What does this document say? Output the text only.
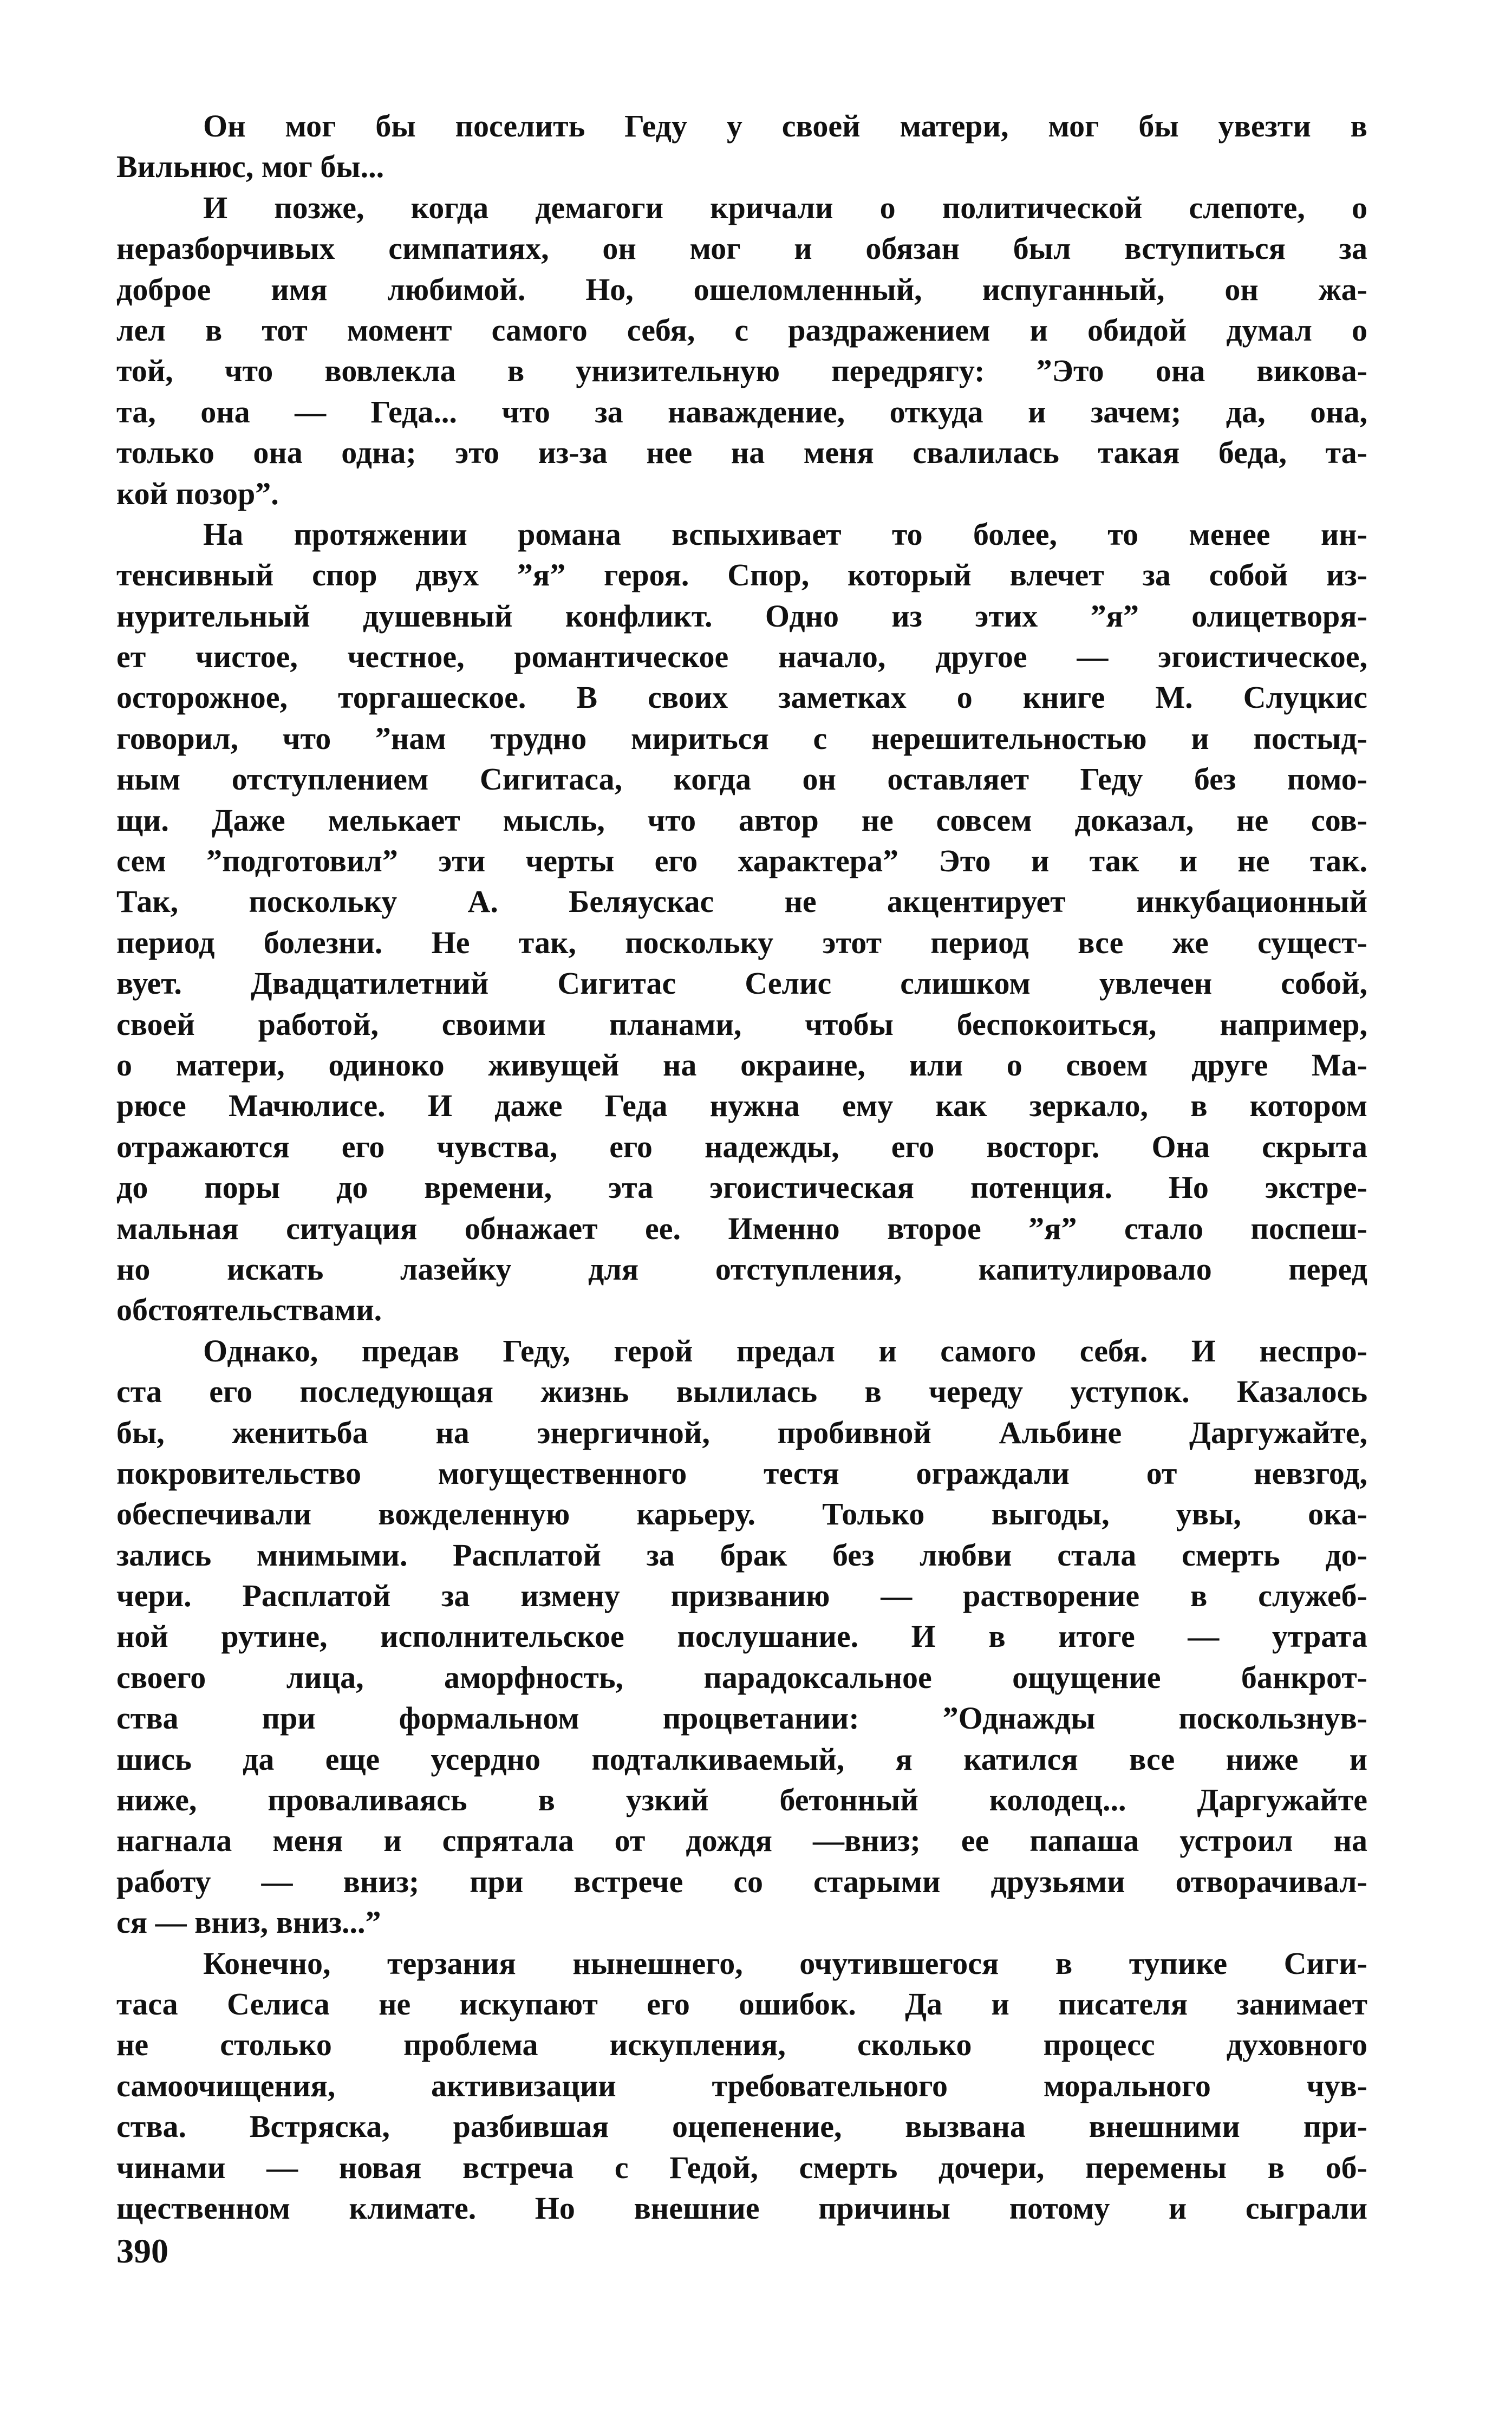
Он мог бы поселить Геду у своей матери, мог бы увезти в
Вильнюс, мог бы...
И позже, когда демагоги кричали о политической слепоте, о
неразборчивых симпатиях, он мог и обязан был вступиться за
доброе имя любимой. Но, ошеломленный, испуганный, он жа-
лел в тот момент самого себя, с раздражением и обидой думал о
той, что вовлекла в унизительную передрягу: ”Это она викова-
та, она — Геда... что за наваждение, откуда и зачем; да, она,
только она одна; это из-за нее на меня свалилась такая беда, та-
кой позор”.
На протяжении романа вспыхивает то более, то менее ин-
тенсивный спор двух ”я” героя. Спор, который влечет за собой из-
нурительный душевный конфликт. Одно из этих ”я” олицетворя-
ет чистое, честное, романтическое начало, другое — эгоистическое,
осторожное, торгашеское. В своих заметках о книге М. Слуцкис
говорил, что ”нам трудно мириться с нерешительностью и постыд-
ным отступлением Сигитаса, когда он оставляет Геду без помо-
щи. Даже мелькает мысль, что автор не совсем доказал, не сов-
сем ”подготовил” эти черты его характера” Это и так и не так.
Так, поскольку А. Беляускас не акцентирует инкубационный
период болезни. Не так, поскольку этот период все же сущест-
вует. Двадцатилетний Сигитас Селис слишком увлечен собой,
своей работой, своими планами, чтобы беспокоиться, например,
о матери, одиноко живущей на окраине, или о своем друге Ма-
рюсе Мачюлисе. И даже Геда нужна ему как зеркало, в котором
отражаются его чувства, его надежды, его восторг. Она скрыта
до поры до времени, эта эгоистическая потенция. Но экстре-
мальная ситуация обнажает ее. Именно второе ”я” стало поспеш-
но искать лазейку для отступления, капитулировало перед
обстоятельствами.
Однако, предав Геду, герой предал и самого себя. И неспро-
ста его последующая жизнь вылилась в череду уступок. Казалось
бы, женитьба на энергичной, пробивной Альбине Даргужайте,
покровительство могущественного тестя ограждали от невзгод,
обеспечивали вожделенную карьеру. Только выгоды, увы, ока-
зались мнимыми. Расплатой за брак без любви стала смерть до-
чери. Расплатой за измену призванию — растворение в служеб-
ной рутине, исполнительское послушание. И в итоге — утрата
своего лица, аморфность, парадоксальное ощущение банкрот-
ства при формальном процветании: ”Однажды поскользнув-
шись да еще усердно подталкиваемый, я катился все ниже и
ниже, проваливаясь в узкий бетонный колодец... Даргужайте
нагнала меня и спрятала от дождя —вниз; ее папаша устроил на
работу — вниз; при встрече со старыми друзьями отворачивал-
ся — вниз, вниз...”
Конечно, терзания нынешнего, очутившегося в тупике Сиги-
таса Селиса не искупают его ошибок. Да и писателя занимает
не столько проблема искупления, сколько процесс духовного
самоочищения, активизации требовательного морального чув-
ства. Встряска, разбившая оцепенение, вызвана внешними при-
чинами — новая встреча с Гедой, смерть дочери, перемены в об-
щественном климате. Но внешние причины потому и сыграли
390
